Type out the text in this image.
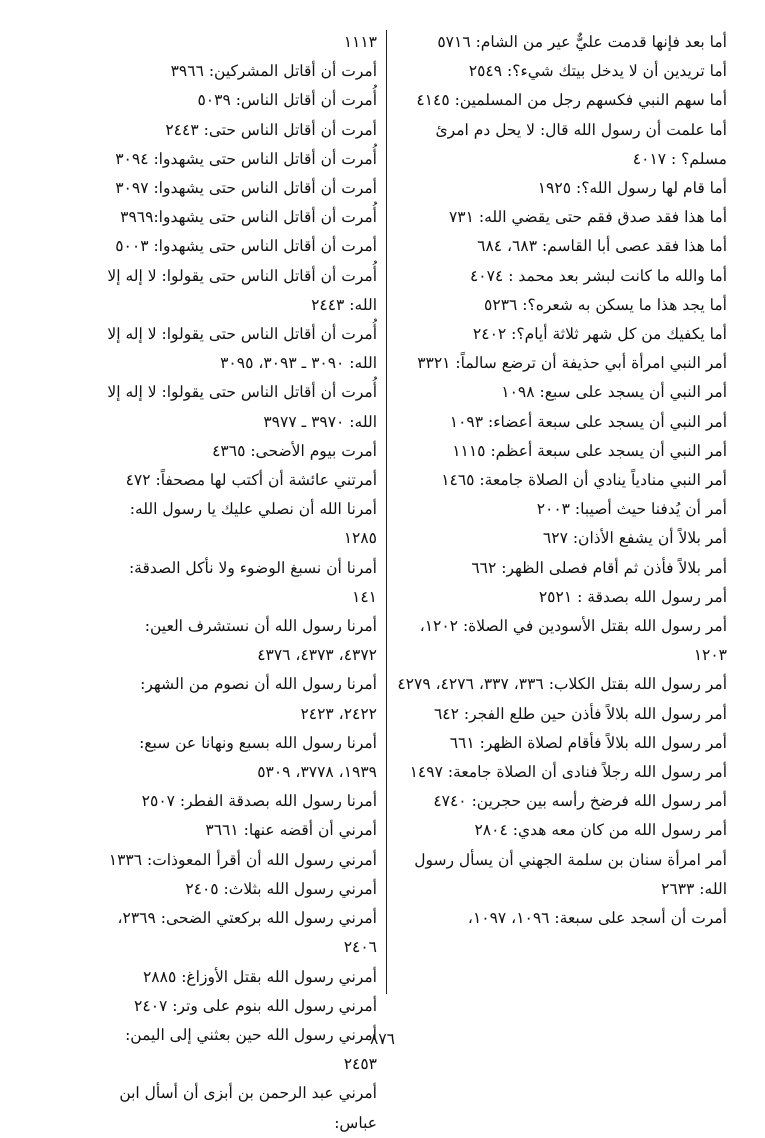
أما بعد فإنها قدمت عليٌّ عير من الشام: ٥٧١٦
أما تريدين أن لا يدخل بيتك شيء؟: ٢٥٤٩
أما سهم النبي فكسهم رجل من المسلمين: ٤١٤٥
أما علمت أن رسول الله قال: لا يحل دم امرئ مسلم؟ : ٤٠١٧
أما قام لها رسول الله؟: ١٩٢٥
أما هذا فقد صدق فقم حتى يقضي الله: ٧٣١
أما هذا فقد عصى أبا القاسم: ٦٨٣، ٦٨٤
أما والله ما كانت لبشر بعد محمد : ٤٠٧٤
أما يجد هذا ما يسكن به شعره؟: ٥٢٣٦
أما يكفيك من كل شهر ثلاثة أيام؟: ٢٤٠٢
أمر النبي امرأة أبي حذيفة أن ترضع سالماً: ٣٣٢١
أمر النبي أن يسجد على سبع: ١٠٩٨
أمر النبي أن يسجد على سبعة أعضاء: ١٠٩٣
أمر النبي أن يسجد على سبعة أعظم: ١١١٥
أمر النبي منادياً ينادي أن الصلاة جامعة: ١٤٦٥
أمر أن يُدفنا حيث أصيبا: ٢٠٠٣
أمر بلالاً أن يشفع الأذان: ٦٢٧
أمر بلالاً فأذن ثم أقام فصلى الظهر: ٦٦٢
أمر رسول الله بصدقة : ٢٥٢١
أمر رسول الله بقتل الأسودين في الصلاة: ١٢٠٢، ١٢٠٣
أمر رسول الله بقتل الكلاب: ٣٣٦، ٣٣٧، ٤٢٧٦، ٤٢٧٩
أمر رسول الله بلالاً فأذن حين طلع الفجر: ٦٤٢
أمر رسول الله بلالاً فأقام لصلاة الظهر: ٦٦١
أمر رسول الله رجلاً فنادى أن الصلاة جامعة: ١٤٩٧
أمر رسول الله فرضخ رأسه بين حجرين: ٤٧٤٠
أمر رسول الله من كان معه هدي: ٢٨٠٤
أمر امرأة سنان بن سلمة الجهني أن يسأل رسول الله: ٢٦٣٣
أمرت أن أسجد على سبعة: ١٠٩٦، ١٠٩٧،
١١١٣
أمرت أن أقاتل المشركين: ٣٩٦٦
أُمرت أن أقاتل الناس: ٥٠٣٩
أمرت أن أقاتل الناس حتى: ٢٤٤٣
أُمرت أن أقاتل الناس حتى يشهدوا: ٣٠٩٤
أمرت أن أقاتل الناس حتى يشهدوا: ٣٠٩٧
أُمرت أن أقاتل الناس حتى يشهدوا:٣٩٦٩
أمرت أن أقاتل الناس حتى يشهدوا: ٥٠٠٣
أُمرت أن أقاتل الناس حتى يقولوا: لا إله إلا الله: ٢٤٤٣
أُمرت أن أقاتل الناس حتى يقولوا: لا إله إلا الله: ٣٠٩٠ ـ ٣٠٩٣، ٣٠٩٥
أُمرت أن أقاتل الناس حتى يقولوا: لا إله إلا الله: ٣٩٧٠ ـ ٣٩٧٧
أمرت بيوم الأضحى: ٤٣٦٥
أمرتني عائشة أن أكتب لها مصحفاً: ٤٧٢
أمرنا الله أن نصلي عليك يا رسول الله: ١٢٨٥
أمرنا أن نسبغ الوضوء ولا نأكل الصدقة: ١٤١
أمرنا رسول الله أن نستشرف العين: ٤٣٧٢، ٤٣٧٣، ٤٣٧٦
أمرنا رسول الله أن نصوم من الشهر: ٢٤٢٢، ٢٤٢٣
أمرنا رسول الله بسبع ونهانا عن سبع: ١٩٣٩، ٣٧٧٨، ٥٣٠٩
أمرنا رسول الله بصدقة الفطر: ٢٥٠٧
أمرني أن أقضه عنها: ٣٦٦١
أمرني رسول الله أن أقرأ المعوذات: ١٣٣٦
أمرني رسول الله بثلاث: ٢٤٠٥
أمرني رسول الله بركعتي الضحى: ٢٣٦٩، ٢٤٠٦
أمرني رسول الله بقتل الأوزاغ: ٢٨٨٥
أمرني رسول الله بنوم على وتر: ٢٤٠٧
أمرني رسول الله حين بعثني إلى اليمن: ٢٤٥٣
أمرني عبد الرحمن بن أبزى أن أسأل ابن عباس:
٨٧٦
